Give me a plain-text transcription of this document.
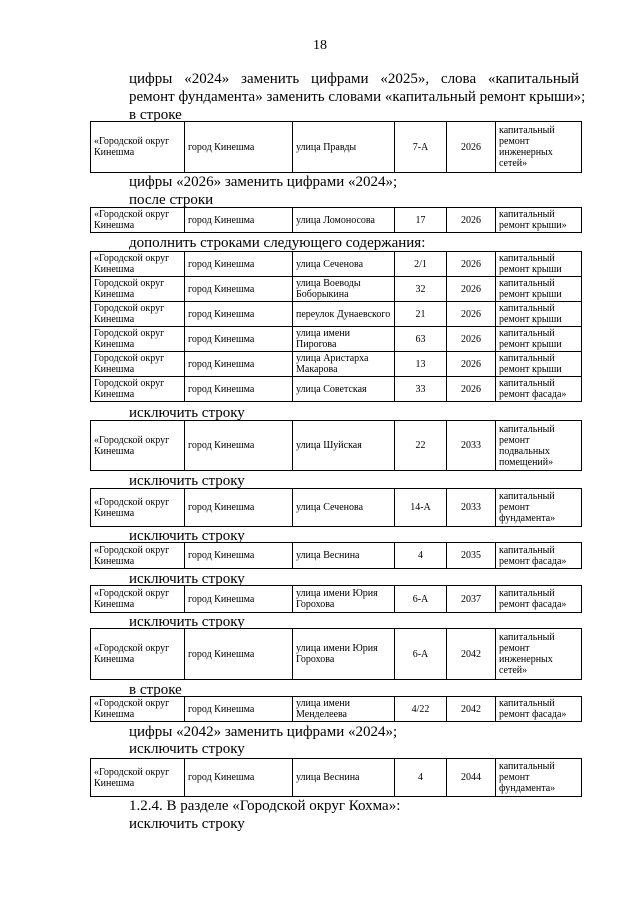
18
цифры «2024» заменить цифрами «2025», слова «капитальный
ремонт фундамента» заменить словами «капитальный ремонт крыши»;
в строке
«Городской округ Кинешма	город Кинешма	улица Правды	7-А	2026	капитальный ремонт инженерных сетей»
цифры «2026» заменить цифрами «2024»;
после строки
«Городской округ Кинешма	город Кинешма	улица Ломоносова	17	2026	капитальный ремонт крыши»
дополнить строками следующего содержания:
«Городской округ Кинешма	город Кинешма	улица Сеченова	2/1	2026	капитальный ремонт крыши
Городской округ Кинешма	город Кинешма	улица Воеводы Боборыкина	32	2026	капитальный ремонт крыши
Городской округ Кинешма	город Кинешма	переулок Дунаевского	21	2026	капитальный ремонт крыши
Городской округ Кинешма	город Кинешма	улица имени Пирогова	63	2026	капитальный ремонт крыши
Городской округ Кинешма	город Кинешма	улица Аристарха Макарова	13	2026	капитальный ремонт крыши
Городской округ Кинешма	город Кинешма	улица Советская	33	2026	капитальный ремонт фасада»
исключить строку
«Городской округ Кинешма	город Кинешма	улица Шуйская	22	2033	капитальный ремонт подвальных помещений»
исключить строку
«Городской округ Кинешма	город Кинешма	улица Сеченова	14-А	2033	капитальный ремонт фундамента»
исключить строку
«Городской округ Кинешма	город Кинешма	улица Веснина	4	2035	капитальный ремонт фасада»
исключить строку
«Городской округ Кинешма	город Кинешма	улица имени Юрия Горохова	6-А	2037	капитальный ремонт фасада»
исключить строку
«Городской округ Кинешма	город Кинешма	улица имени Юрия Горохова	6-А	2042	капитальный ремонт инженерных сетей»
в строке
«Городской округ Кинешма	город Кинешма	улица имени Менделеева	4/22	2042	капитальный ремонт фасада»
цифры «2042» заменить цифрами «2024»;
исключить строку
«Городской округ Кинешма	город Кинешма	улица Веснина	4	2044	капитальный ремонт фундамента»
1.2.4. В разделе «Городской округ Кохма»:
исключить строку
